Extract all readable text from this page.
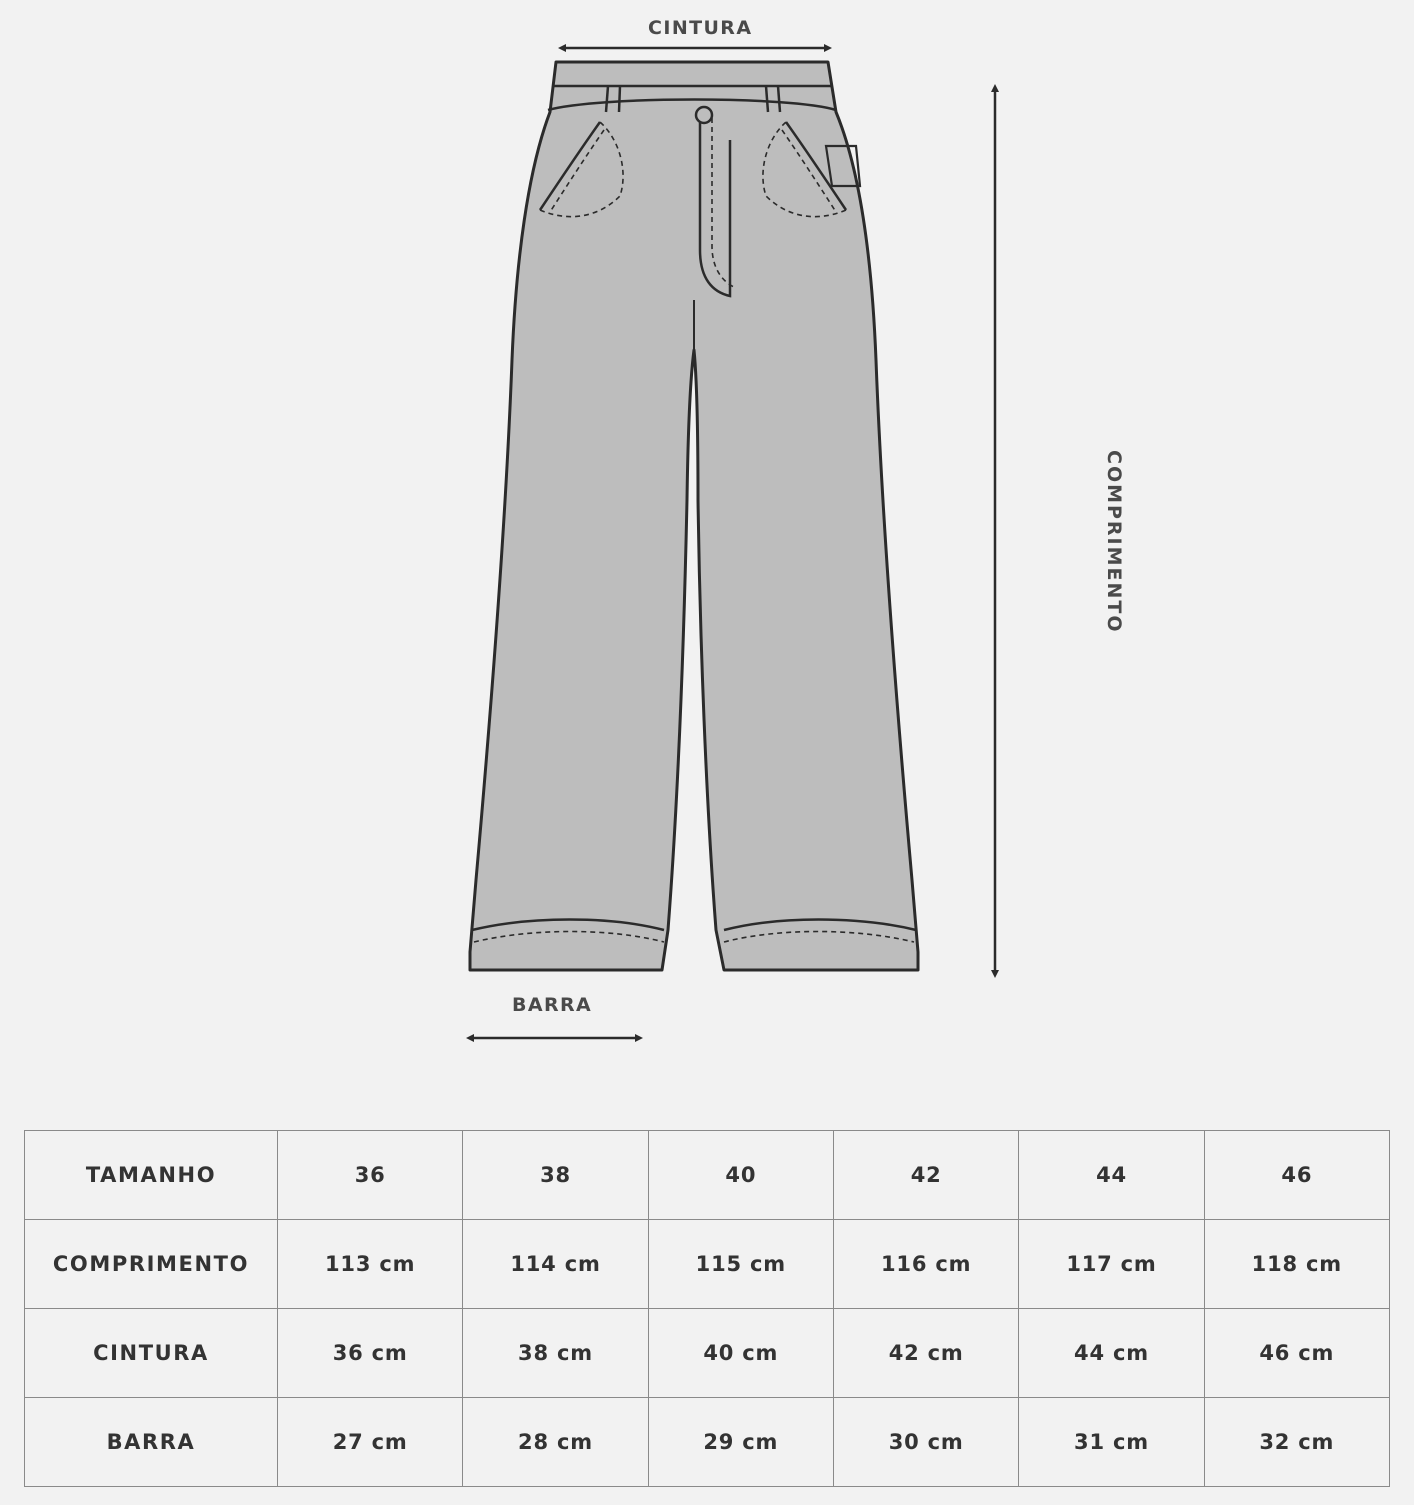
CINTURA
BARRA
COMPRIMENTO
TAMANHO	36	38	40	42	44	46
COMPRIMENTO	113 cm	114 cm	115 cm	116 cm	117 cm	118 cm
CINTURA	36 cm	38 cm	40 cm	42 cm	44 cm	46 cm
BARRA	27 cm	28 cm	29 cm	30 cm	31 cm	32 cm
